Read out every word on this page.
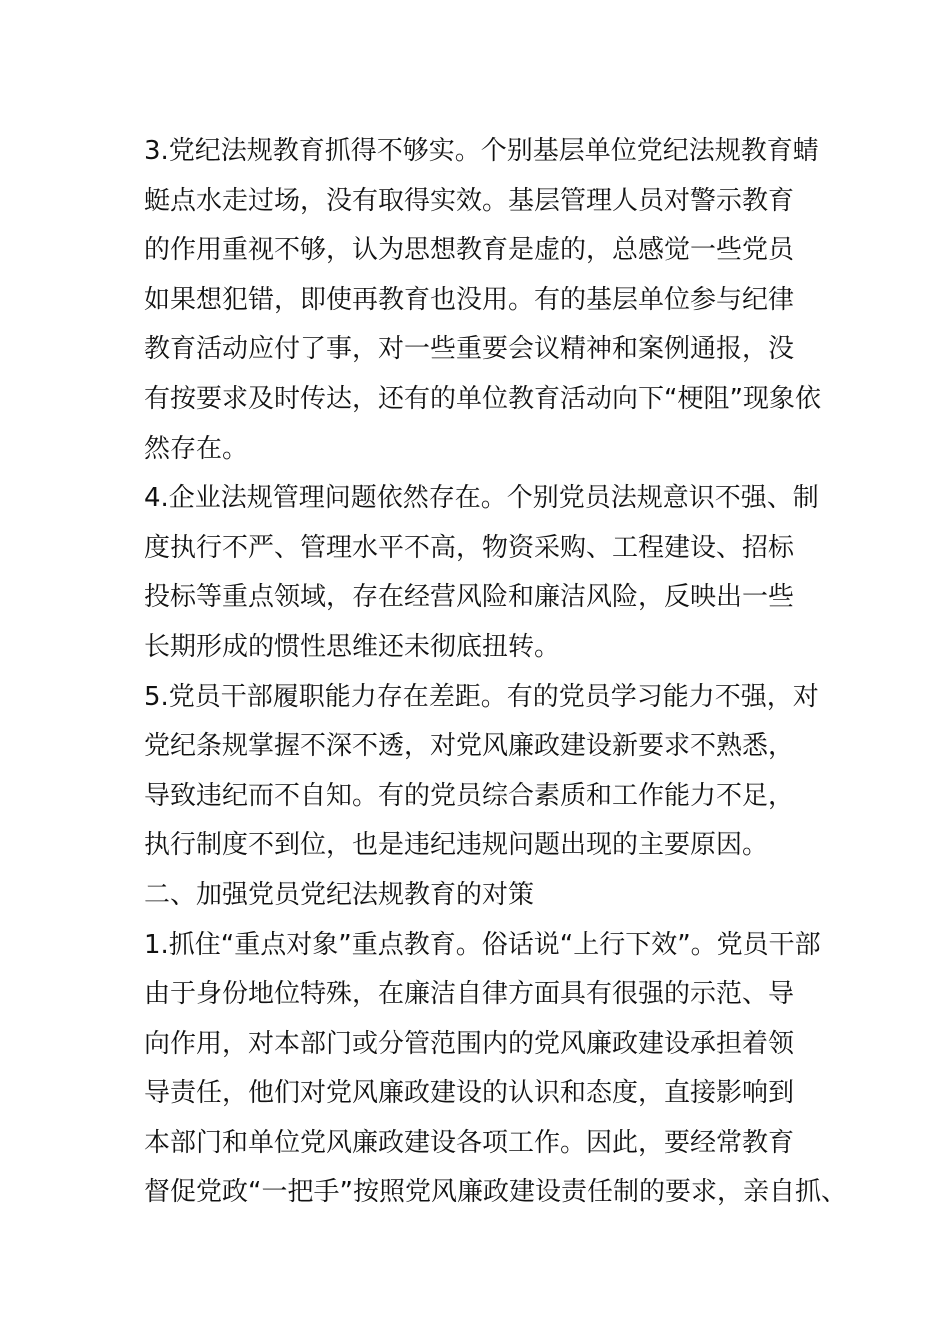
3.党纪法规教育抓得不够实。个别基层单位党纪法规教育蜻
蜓点水走过场，没有取得实效。基层管理人员对警示教育
的作用重视不够，认为思想教育是虚的，总感觉一些党员
如果想犯错，即使再教育也没用。有的基层单位参与纪律
教育活动应付了事，对一些重要会议精神和案例通报，没
有按要求及时传达，还有的单位教育活动向下“梗阻”现象依
然存在。
4.企业法规管理问题依然存在。个别党员法规意识不强、制
度执行不严、管理水平不高，物资采购、工程建设、招标
投标等重点领域，存在经营风险和廉洁风险，反映出一些
长期形成的惯性思维还未彻底扭转。
5.党员干部履职能力存在差距。有的党员学习能力不强，对
党纪条规掌握不深不透，对党风廉政建设新要求不熟悉，
导致违纪而不自知。有的党员综合素质和工作能力不足，
执行制度不到位，也是违纪违规问题出现的主要原因。
二、加强党员党纪法规教育的对策
1.抓住“重点对象”重点教育。俗话说“上行下效”。党员干部
由于身份地位特殊，在廉洁自律方面具有很强的示范、导
向作用，对本部门或分管范围内的党风廉政建设承担着领
导责任，他们对党风廉政建设的认识和态度，直接影响到
本部门和单位党风廉政建设各项工作。因此，要经常教育
督促党政“一把手”按照党风廉政建设责任制的要求，亲自抓、
